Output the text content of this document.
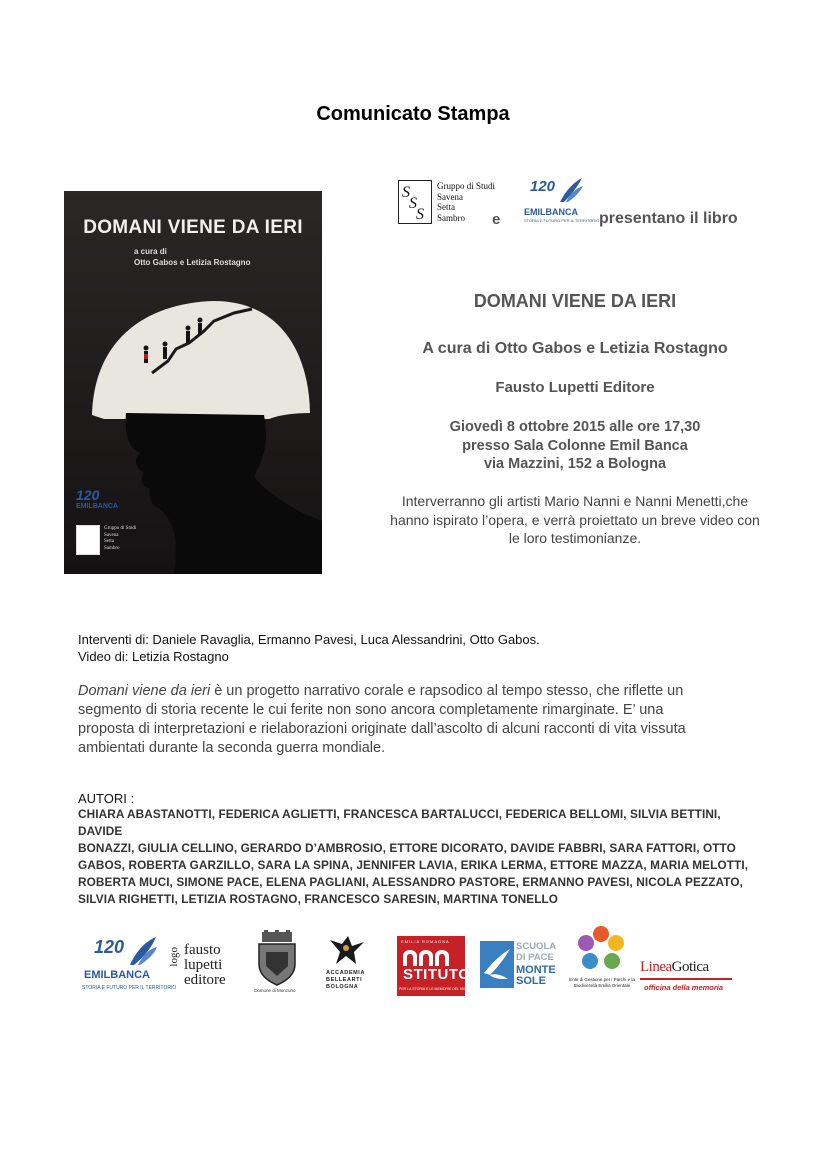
Comunicato Stampa
DOMANI VIENE DA IERI
a cura di
Otto Gabos e Letizia Rostagno
120
EMILBANCA
Gruppo di Studi
Savena
Setta
Sambro
S
S
S
Gruppo di Studi
Savena
Setta
Sambro	e
120
EMILBANCA
STORIA E FUTURO PER IL TERRITORIO presentano il libro
DOMANI VIENE DA IERI
A cura di Otto Gabos e Letizia Rostagno
Fausto Lupetti Editore
Giovedì 8 ottobre 2015 alle ore 17,30
presso Sala Colonne Emil Banca
via Mazzini, 152 a Bologna
Interverranno gli artisti Mario Nanni e Nanni Menetti,che
hanno ispirato l’opera, e verrà proiettato un breve video con
le loro testimonianze.
Interventi di: Daniele Ravaglia, Ermanno Pavesi, Luca Alessandrini, Otto Gabos.
Video di: Letizia Rostagno
Domani viene da ieri è un progetto narrativo corale e rapsodico al tempo stesso, che riflette un
segmento di storia recente le cui ferite non sono ancora completamente rimarginate. E’ una
proposta di interpretazioni e rielaborazioni originate dall’ascolto di alcuni racconti di vita vissuta
ambientati durante la seconda guerra mondiale.
AUTORI :
CHIARA ABASTANOTTI, FEDERICA AGLIETTI, FRANCESCA BARTALUCCI, FEDERICA BELLOMI, SILVIA BETTINI, DAVIDE
BONAZZI, GIULIA CELLINO, GERARDO D’AMBROSIO, ETTORE DICORATO, DAVIDE FABBRI, SARA FATTORI, OTTO
GABOS, ROBERTA GARZILLO, SARA LA SPINA, JENNIFER LAVIA, ERIKA LERMA, ETTORE MAZZA, MARIA MELOTTI,
ROBERTA MUCI, SIMONE PACE, ELENA PAGLIANI, ALESSANDRO PASTORE, ERMANNO PAVESI, NICOLA PEZZATO,
SILVIA RIGHETTI, LETIZIA ROSTAGNO, FRANCESCO SARESIN, MARTINA TONELLO
120
EMILBANCA
STORIA E FUTURO PER IL TERRITORIO
logo fausto
lupetti
editore
Comune di Monzuno
ACCADEMIA
BELLEARTI
BOLOGNA
EMILIA ROMAGNA
STITUTO
PER LA STORIA E LE MEMORIE DEL 900 PARRI
SCUOLA
DI PACE
MONTE
SOLE	Ente di Gestione per i Parchi e la Biodiversità Emilia Orientale
LineaGotica
officina della memoria
